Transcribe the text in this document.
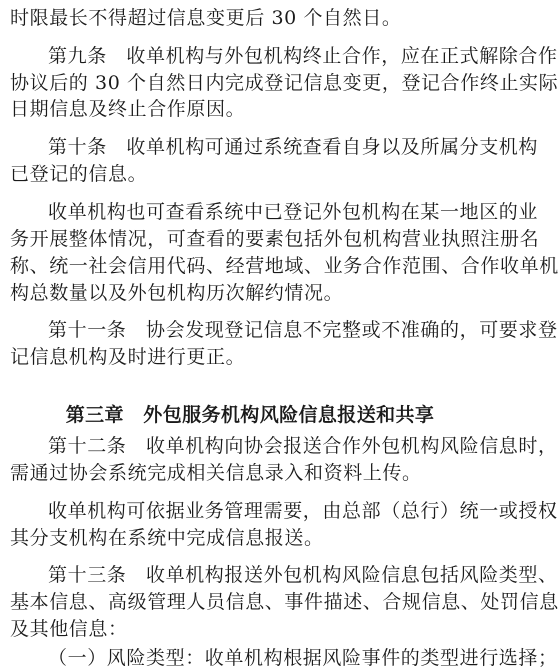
时限最长不得超过信息变更后 30 个自然日。
第九条　收单机构与外包机构终止合作，应在正式解除合作
协议后的 30 个自然日内完成登记信息变更，登记合作终止实际
日期信息及终止合作原因。
第十条　收单机构可通过系统查看自身以及所属分支机构
已登记的信息。
收单机构也可查看系统中已登记外包机构在某一地区的业
务开展整体情况，可查看的要素包括外包机构营业执照注册名
称、统一社会信用代码、经营地域、业务合作范围、合作收单机
构总数量以及外包机构历次解约情况。
第十一条　协会发现登记信息不完整或不准确的，可要求登
记信息机构及时进行更正。
第三章　外包服务机构风险信息报送和共享
第十二条　收单机构向协会报送合作外包机构风险信息时，
需通过协会系统完成相关信息录入和资料上传。
收单机构可依据业务管理需要，由总部（总行）统一或授权
其分支机构在系统中完成信息报送。
第十三条　收单机构报送外包机构风险信息包括风险类型、
基本信息、高级管理人员信息、事件描述、合规信息、处罚信息
及其他信息：
（一）风险类型：收单机构根据风险事件的类型进行选择；
